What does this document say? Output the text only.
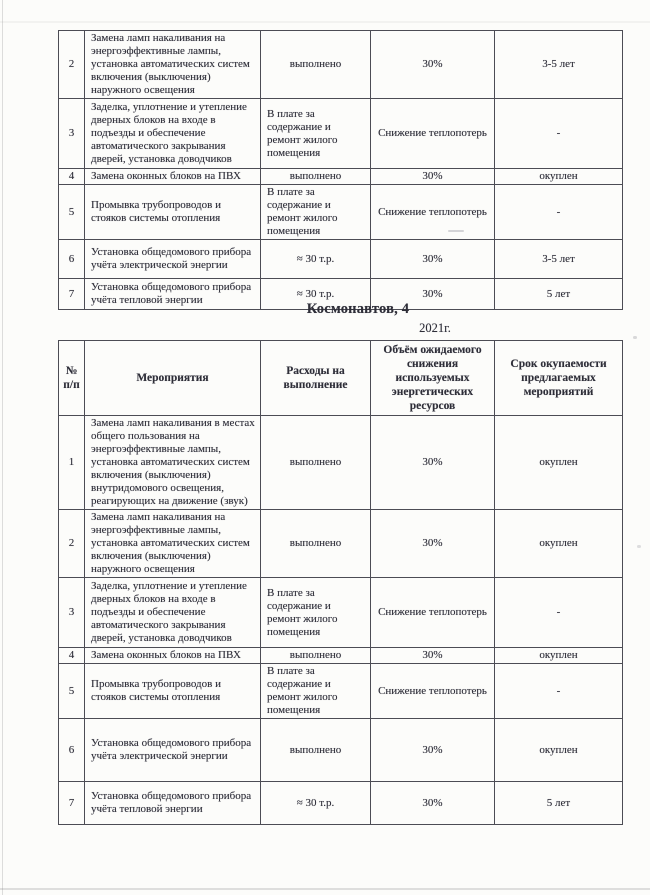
2	Замена ламп накаливания на энергоэффективные лампы, установка автоматических систем включения (выключения) наружного освещения	выполнено	30%	3-5 лет
3	Заделка, уплотнение и утепление дверных блоков на входе в подъезды и обеспечение автоматического закрывания дверей, установка доводчиков	В плате за содержание и ремонт жилого помещения	Снижение теплопотерь	-
4	Замена оконных блоков на ПВХ	выполнено	30%	окуплен
5	Промывка трубопроводов и стояков системы отопления	В плате за содержание и ремонт жилого помещения	Снижение теплопотерь	-
6	Установка общедомового прибора учёта электрической энергии	≈ 30 т.р.	30%	3-5 лет
7	Установка общедомового прибора учёта тепловой энергии	≈ 30 т.р.	30%	5 лет
Космонавтов, 4
2021г.
№ п/п	Мероприятия	Расходы на выполнение	Объём ожидаемого снижения используемых энергетических ресурсов	Срок окупаемости предлагаемых мероприятий
1	Замена ламп накаливания в местах общего пользования на энергоэффективные лампы, установка автоматических систем включения (выключения) внутридомового освещения, реагирующих на движение (звук)	выполнено	30%	окуплен
2	Замена ламп накаливания на энергоэффективные лампы, установка автоматических систем включения (выключения) наружного освещения	выполнено	30%	окуплен
3	Заделка, уплотнение и утепление дверных блоков на входе в подъезды и обеспечение автоматического закрывания дверей, установка доводчиков	В плате за содержание и ремонт жилого помещения	Снижение теплопотерь	-
4	Замена оконных блоков на ПВХ	выполнено	30%	окуплен
5	Промывка трубопроводов и стояков системы отопления	В плате за содержание и ремонт жилого помещения	Снижение теплопотерь	-
6	Установка общедомового прибора учёта электрической энергии	выполнено	30%	окуплен
7	Установка общедомового прибора учёта тепловой энергии	≈ 30 т.р.	30%	5 лет
